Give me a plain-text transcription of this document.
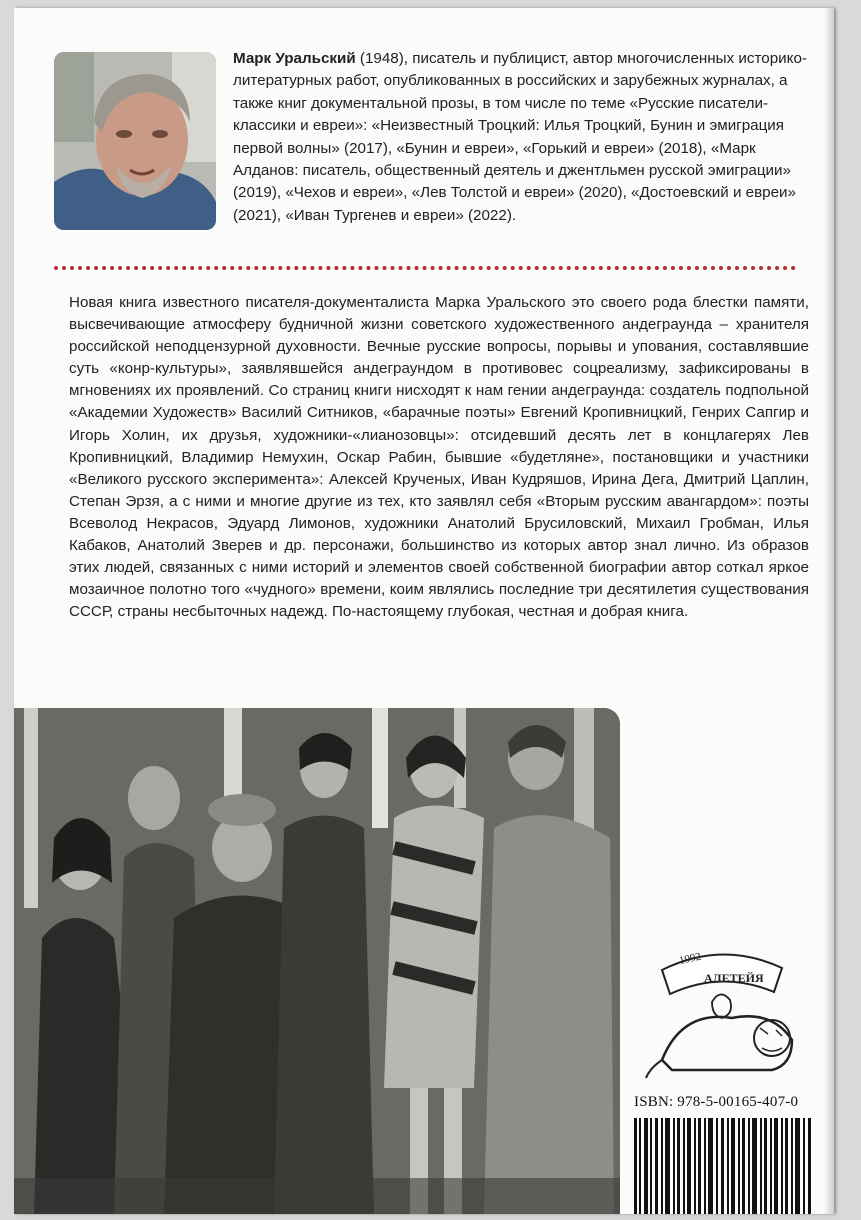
Марк Уральский (1948), писатель и публицист, автор многочисленных историко-литературных работ, опубликованных в российских и зарубежных журналах, а также книг документальной прозы, в том числе по теме «Русские писатели-классики и евреи»: «Неизвестный Троцкий: Илья Троцкий, Бунин и эмиграция первой волны» (2017), «Бунин и евреи», «Горький и евреи» (2018), «Марк Алданов: писатель, общественный деятель и джентльмен русской эмиграции» (2019), «Чехов и евреи», «Лев Толстой и евреи» (2020), «Достоевский и евреи» (2021), «Иван Тургенев и евреи» (2022).
Новая книга известного писателя-документалиста Марка Уральского это своего рода блестки памяти, высвечивающие атмосферу будничной жизни советского художественного андеграунда – хранителя российской неподцензурной духовности. Вечные русские вопросы, порывы и упования, составлявшие суть «конр-культуры», заявлявшейся андеграундом в противовес соцреализму, зафиксированы в мгновениях их проявлений. Со страниц книги нисходят к нам гении андеграунда: создатель подпольной «Академии Художеств» Василий Ситников, «барачные поэты» Евгений Кропивницкий, Генрих Сапгир и Игорь Холин, их друзья, художники-«лианозовцы»: отсидевший десять лет в концлагерях Лев Кропивницкий, Владимир Немухин, Оскар Рабин, бывшие «будетляне», постановщики и участники «Великого русского эксперимента»: Алексей Крученых, Иван Кудряшов, Ирина Дега, Дмитрий Цаплин, Степан Эрзя, а с ними и многие другие из тех, кто заявлял себя «Вторым русским авангардом»: поэты Всеволод Некрасов, Эдуард Лимонов, художники Анатолий Брусиловский, Михаил Гробман, Илья Кабаков, Анатолий Зверев и др. персонажи, большинство из которых автор знал лично. Из образов этих людей, связанных с ними историй и элементов своей собственной биографии автор соткал яркое мозаичное полотно того «чудного» времени, коим являлись последние три десятилетия существования СССР, страны несбыточных надежд. По-настоящему глубокая, честная и добрая книга.
1992
АЛЕТЕЙЯ
ISBN: 978-5-00165-407-0
